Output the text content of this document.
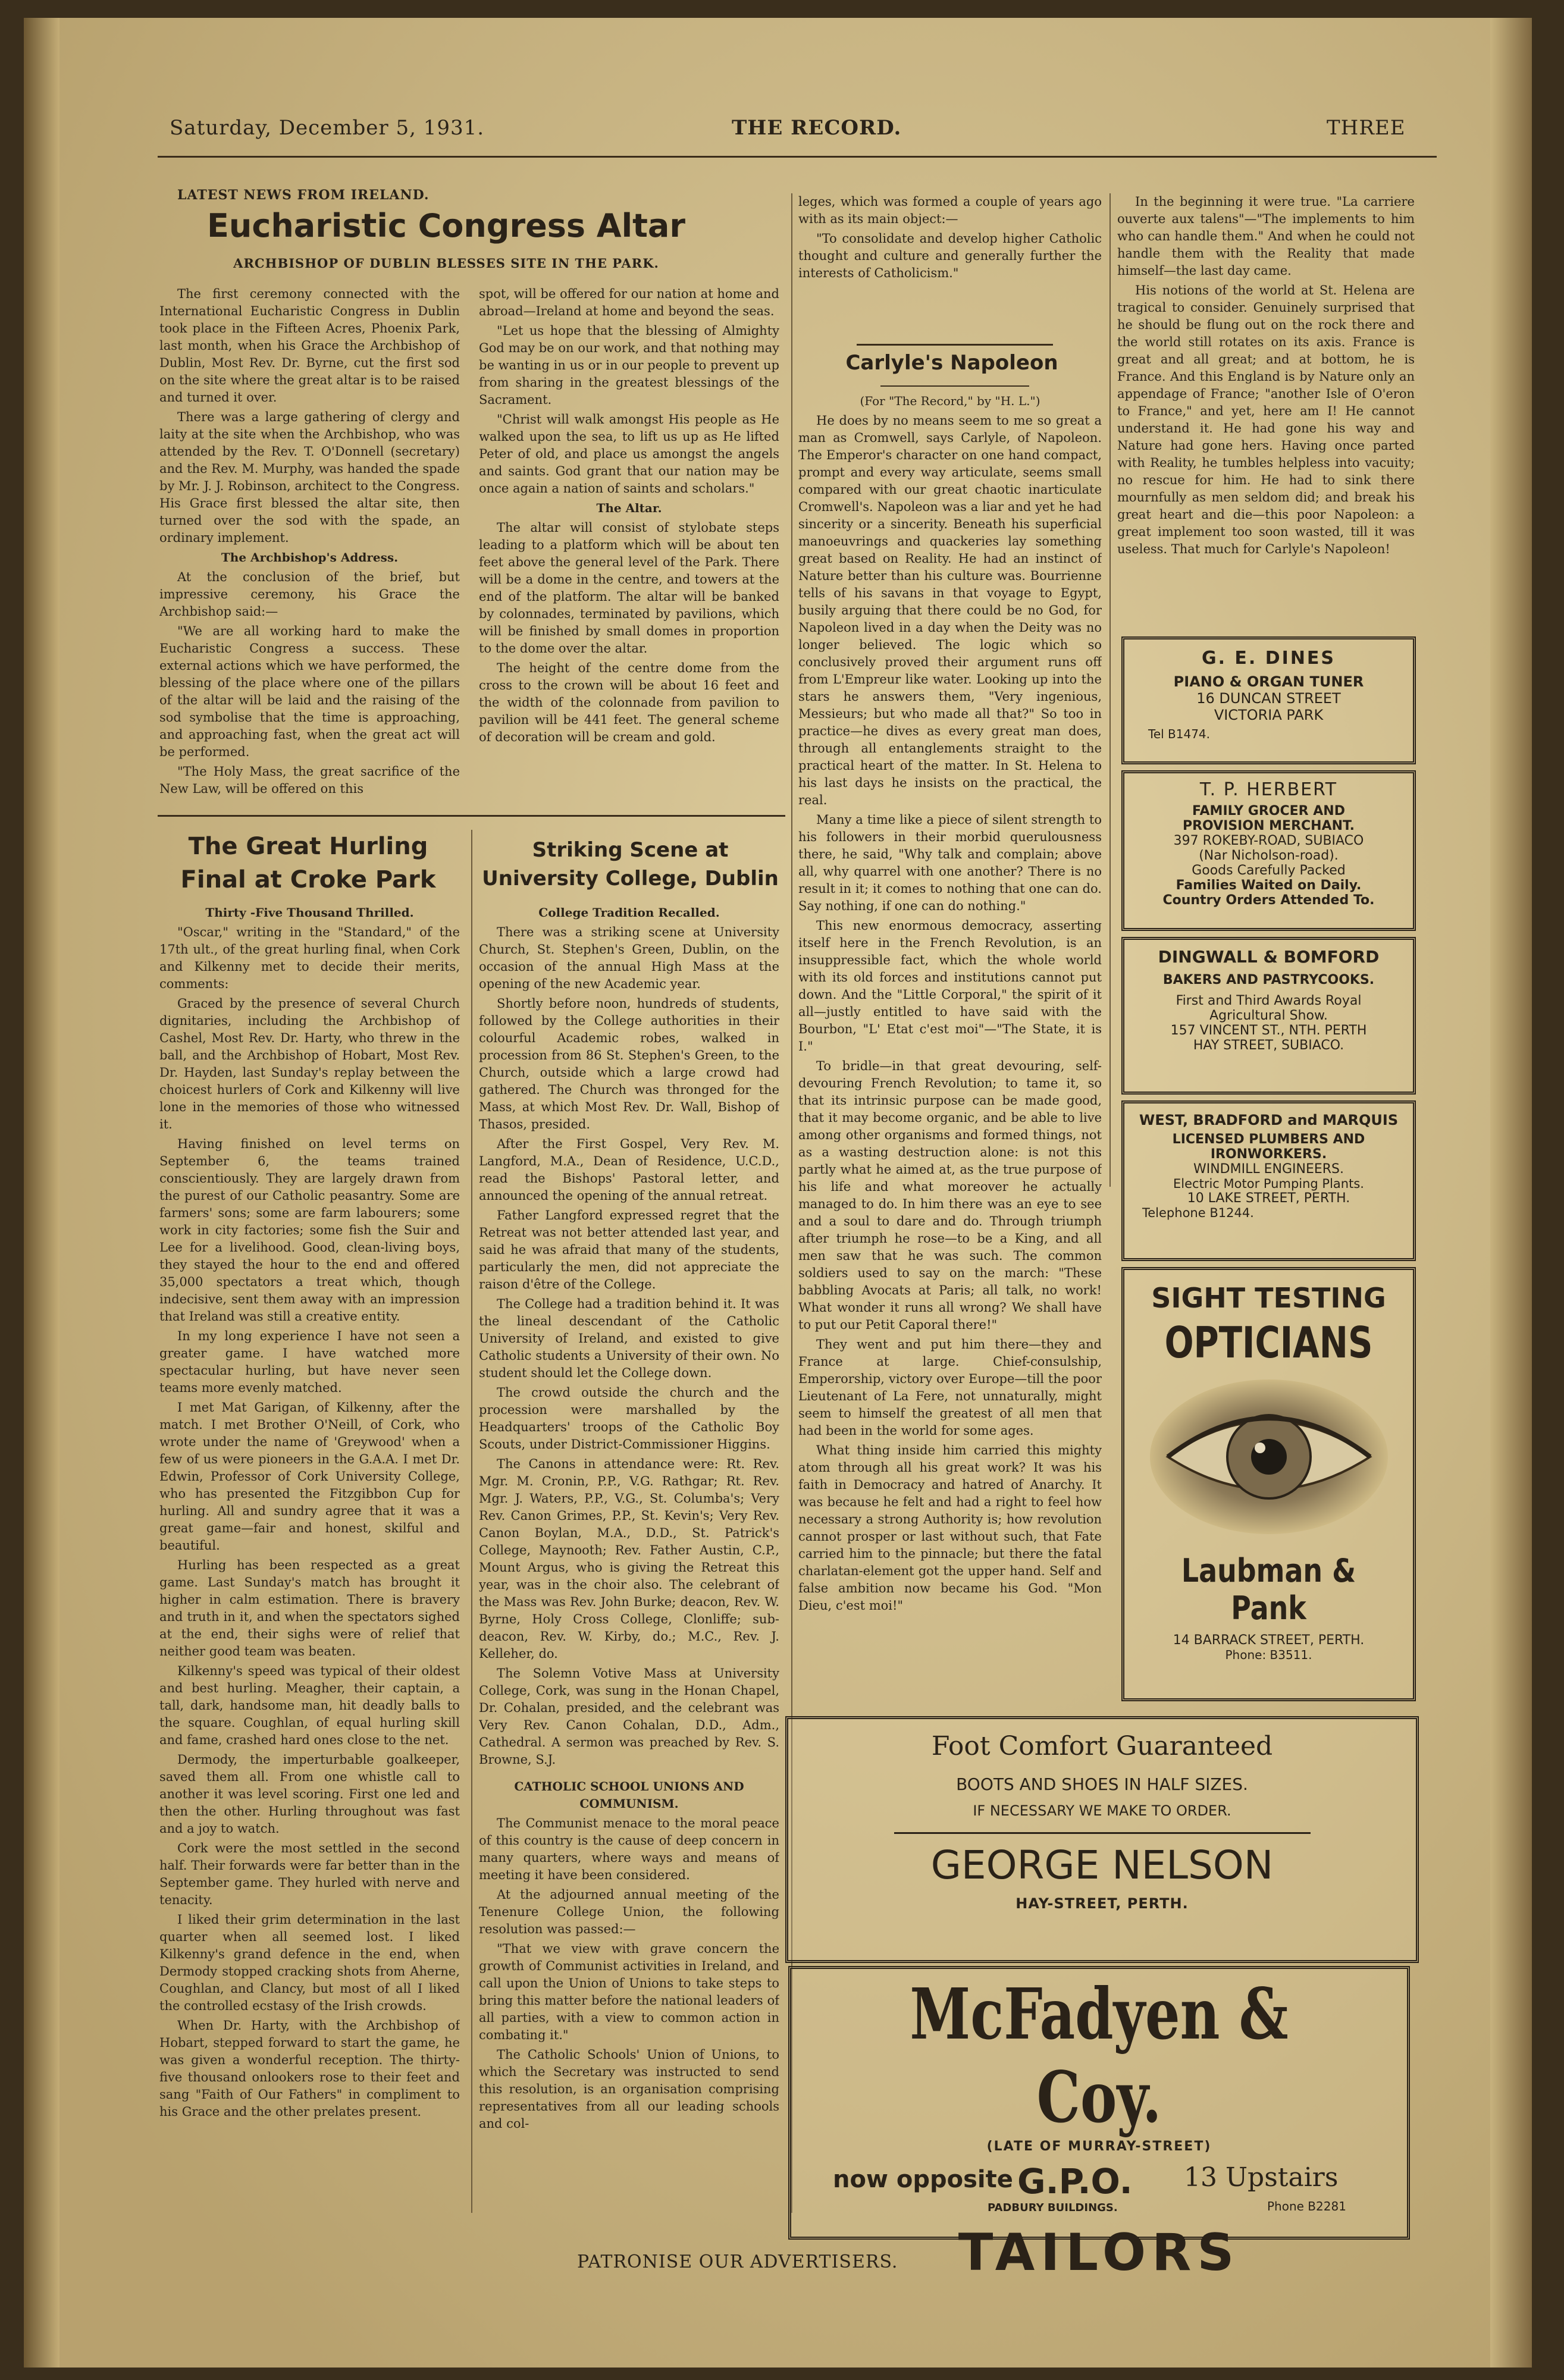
Saturday, December 5, 1931.	THE RECORD.	THREE
LATEST NEWS FROM IRELAND.
Eucharistic Congress Altar
ARCHBISHOP OF DUBLIN BLESSES SITE IN THE PARK.

The first ceremony connected with the International Eucharistic Congress in Dublin took place in the Fifteen Acres, Phoenix Park, last month, when his Grace the Archbishop of Dublin, Most Rev. Dr. Byrne, cut the first sod on the site where the great altar is to be raised and turned it over.

There was a large gathering of clergy and laity at the site when the Archbishop, who was attended by the Rev. T. O'Donnell (secretary) and the Rev. M. Murphy, was handed the spade by Mr. J. J. Robinson, architect to the Congress. His Grace first blessed the altar site, then turned over the sod with the spade, an ordinary implement.

The Archbishop's Address.

At the conclusion of the brief, but impressive ceremony, his Grace the Archbishop said:—

"We are all working hard to make the Eucharistic Congress a success. These external actions which we have performed, the blessing of the place where one of the pillars of the altar will be laid and the raising of the sod symbolise that the time is approaching, and approaching fast, when the great act will be performed.

"The Holy Mass, the great sacrifice of the New Law, will be offered on this

spot, will be offered for our nation at home and abroad—Ireland at home and beyond the seas.

"Let us hope that the blessing of Almighty God may be on our work, and that nothing may be wanting in us or in our people to prevent up from sharing in the greatest blessings of the Sacrament.

"Christ will walk amongst His people as He walked upon the sea, to lift us up as He lifted Peter of old, and place us amongst the angels and saints. God grant that our nation may be once again a nation of saints and scholars."

The Altar.

The altar will consist of stylobate steps leading to a platform which will be about ten feet above the general level of the Park. There will be a dome in the centre, and towers at the end of the platform. The altar will be banked by colonnades, terminated by pavilions, which will be finished by small domes in proportion to the dome over the altar.

The height of the centre dome from the cross to the crown will be about 16 feet and the width of the colonnade from pavilion to pavilion will be 441 feet. The general scheme of decoration will be cream and gold.

The Great Hurling Final at Croke Park

Thirty -Five Thousand Thrilled.

"Oscar," writing in the "Standard," of the 17th ult., of the great hurling final, when Cork and Kilkenny met to decide their merits, comments:

Graced by the presence of several Church dignitaries, including the Archbishop of Cashel, Most Rev. Dr. Harty, who threw in the ball, and the Archbishop of Hobart, Most Rev. Dr. Hayden, last Sunday's replay between the choicest hurlers of Cork and Kilkenny will live lone in the memories of those who witnessed it.

Having finished on level terms on September 6, the teams trained conscientiously. They are largely drawn from the purest of our Catholic peasantry. Some are farmers' sons; some are farm labourers; some work in city factories; some fish the Suir and Lee for a livelihood. Good, clean-living boys, they stayed the hour to the end and offered 35,000 spectators a treat which, though indecisive, sent them away with an impression that Ireland was still a creative entity.

In my long experience I have not seen a greater game. I have watched more spectacular hurling, but have never seen teams more evenly matched.

I met Mat Garigan, of Kilkenny, after the match. I met Brother O'Neill, of Cork, who wrote under the name of 'Greywood' when a few of us were pioneers in the G.A.A. I met Dr. Edwin, Professor of Cork University College, who has presented the Fitzgibbon Cup for hurling. All and sundry agree that it was a great game—fair and honest, skilful and beautiful.

Hurling has been respected as a great game. Last Sunday's match has brought it higher in calm estimation. There is bravery and truth in it, and when the spectators sighed at the end, their sighs were of relief that neither good team was beaten.

Kilkenny's speed was typical of their oldest and best hurling. Meagher, their captain, a tall, dark, handsome man, hit deadly balls to the square. Coughlan, of equal hurling skill and fame, crashed hard ones close to the net.

Dermody, the imperturbable goalkeeper, saved them all. From one whistle call to another it was level scoring. First one led and then the other. Hurling throughout was fast and a joy to watch.

Cork were the most settled in the second half. Their forwards were far better than in the September game. They hurled with nerve and tenacity.

I liked their grim determination in the last quarter when all seemed lost. I liked Kilkenny's grand defence in the end, when Dermody stopped cracking shots from Aherne, Coughlan, and Clancy, but most of all I liked the controlled ecstasy of the Irish crowds.

When Dr. Harty, with the Archbishop of Hobart, stepped forward to start the game, he was given a wonderful reception. The thirty-five thousand onlookers rose to their feet and sang "Faith of Our Fathers" in compliment to his Grace and the other prelates present.

Striking Scene at University College, Dublin

College Tradition Recalled.

There was a striking scene at University Church, St. Stephen's Green, Dublin, on the occasion of the annual High Mass at the opening of the new Academic year.

Shortly before noon, hundreds of students, followed by the College authorities in their colourful Academic robes, walked in procession from 86 St. Stephen's Green, to the Church, outside which a large crowd had gathered. The Church was thronged for the Mass, at which Most Rev. Dr. Wall, Bishop of Thasos, presided.

After the First Gospel, Very Rev. M. Langford, M.A., Dean of Residence, U.C.D., read the Bishops' Pastoral letter, and announced the opening of the annual retreat.

Father Langford expressed regret that the Retreat was not better attended last year, and said he was afraid that many of the students, particularly the men, did not appreciate the raison d'être of the College.

The College had a tradition behind it. It was the lineal descendant of the Catholic University of Ireland, and existed to give Catholic students a University of their own. No student should let the College down.

The crowd outside the church and the procession were marshalled by the Headquarters' troops of the Catholic Boy Scouts, under District-Commissioner Higgins.

The Canons in attendance were: Rt. Rev. Mgr. M. Cronin, P.P., V.G. Rathgar; Rt. Rev. Mgr. J. Waters, P.P., V.G., St. Columba's; Very Rev. Canon Grimes, P.P., St. Kevin's; Very Rev. Canon Boylan, M.A., D.D., St. Patrick's College, Maynooth; Rev. Father Austin, C.P., Mount Argus, who is giving the Retreat this year, was in the choir also. The celebrant of the Mass was Rev. John Burke; deacon, Rev. W. Byrne, Holy Cross College, Clonliffe; sub-deacon, Rev. W. Kirby, do.; M.C., Rev. J. Kelleher, do.

The Solemn Votive Mass at University College, Cork, was sung in the Honan Chapel, Dr. Cohalan, presided, and the celebrant was Very Rev. Canon Cohalan, D.D., Adm., Cathedral. A sermon was preached by Rev. S. Browne, S.J.

CATHOLIC SCHOOL UNIONS AND COMMUNISM.

The Communist menace to the moral peace of this country is the cause of deep concern in many quarters, where ways and means of meeting it have been considered.

At the adjourned annual meeting of the Tenenure College Union, the following resolution was passed:—

"That we view with grave concern the growth of Communist activities in Ireland, and call upon the Union of Unions to take steps to bring this matter before the national leaders of all parties, with a view to common action in combating it."

The Catholic Schools' Union of Unions, to which the Secretary was instructed to send this resolution, is an organisation comprising representatives from all our leading schools and col-

leges, which was formed a couple of years ago with as its main object:—

"To consolidate and develop higher Catholic thought and culture and generally further the interests of Catholicism."

Carlyle's Napoleon

(For "The Record," by "H. L.")

He does by no means seem to me so great a man as Cromwell, says Carlyle, of Napoleon. The Emperor's character on one hand compact, prompt and every way articulate, seems small compared with our great chaotic inarticulate Cromwell's. Napoleon was a liar and yet he had sincerity or a sincerity. Beneath his superficial manoeuvrings and quackeries lay something great based on Reality. He had an instinct of Nature better than his culture was. Bourrienne tells of his savans in that voyage to Egypt, busily arguing that there could be no God, for Napoleon lived in a day when the Deity was no longer believed. The logic which so conclusively proved their argument runs off from L'Empreur like water. Looking up into the stars he answers them, "Very ingenious, Messieurs; but who made all that?" So too in practice—he dives as every great man does, through all entanglements straight to the practical heart of the matter. In St. Helena to his last days he insists on the practical, the real.

Many a time like a piece of silent strength to his followers in their morbid querulousness there, he said, "Why talk and complain; above all, why quarrel with one another? There is no result in it; it comes to nothing that one can do. Say nothing, if one can do nothing."

This new enormous democracy, asserting itself here in the French Revolution, is an insuppressible fact, which the whole world with its old forces and institutions cannot put down. And the "Little Corporal," the spirit of it all—justly entitled to have said with the Bourbon, "L' Etat c'est moi"—"The State, it is I."

To bridle—in that great devouring, self-devouring French Revolution; to tame it, so that its intrinsic purpose can be made good, that it may become organic, and be able to live among other organisms and formed things, not as a wasting destruction alone: is not this partly what he aimed at, as the true purpose of his life and what moreover he actually managed to do. In him there was an eye to see and a soul to dare and do. Through triumph after triumph he rose—to be a King, and all men saw that he was such. The common soldiers used to say on the march: "These babbling Avocats at Paris; all talk, no work! What wonder it runs all wrong? We shall have to put our Petit Caporal there!"

They went and put him there—they and France at large. Chief-consulship, Emperorship, victory over Europe—till the poor Lieutenant of La Fere, not unnaturally, might seem to himself the greatest of all men that had been in the world for some ages.

What thing inside him carried this mighty atom through all his great work? It was his faith in Democracy and hatred of Anarchy. It was because he felt and had a right to feel how necessary a strong Authority is; how revolution cannot prosper or last without such, that Fate carried him to the pinnacle; but there the fatal charlatan-element got the upper hand. Self and false ambition now became his God. "Mon Dieu, c'est moi!"

In the beginning it were true. "La carriere ouverte aux talens"—"The implements to him who can handle them." And when he could not handle them with the Reality that made himself—the last day came.

His notions of the world at St. Helena are tragical to consider. Genuinely surprised that he should be flung out on the rock there and the world still rotates on its axis. France is great and all great; and at bottom, he is France. And this England is by Nature only an appendage of France; "another Isle of O'eron to France," and yet, here am I! He cannot understand it. He had gone his way and Nature had gone hers. Having once parted with Reality, he tumbles helpless into vacuity; no rescue for him. He had to sink there mournfully as men seldom did; and break his great heart and die—this poor Napoleon: a great implement too soon wasted, till it was useless. That much for Carlyle's Napoleon!

G. E. DINES
PIANO & ORGAN TUNER
16 DUNCAN STREET
VICTORIA PARK
Tel B1474.
T. P. HERBERT
FAMILY GROCER AND
PROVISION MERCHANT.
397 ROKEBY-ROAD, SUBIACO
(Nar Nicholson-road).
Goods Carefully Packed
Families Waited on Daily.
Country Orders Attended To.
DINGWALL & BOMFORD
BAKERS AND PASTRYCOOKS.
First and Third Awards Royal
Agricultural Show.
157 VINCENT ST., NTH. PERTH
HAY STREET, SUBIACO.
WEST, BRADFORD and MARQUIS
LICENSED PLUMBERS AND
IRONWORKERS.
WINDMILL ENGINEERS.
Electric Motor Pumping Plants.
10 LAKE STREET, PERTH.
Telephone B1244.
SIGHT TESTING
OPTICIANS
Laubman & Pank
14 BARRACK STREET, PERTH.
Phone: B3511.
Foot Comfort Guaranteed
BOOTS AND SHOES IN HALF SIZES.
IF NECESSARY WE MAKE TO ORDER.
GEORGE NELSON
HAY-STREET, PERTH.
McFadyen & Coy.
(LATE OF MURRAY-STREET)
now opposite G.P.O.
PADBURY BUILDINGS.
13 Upstairs
Phone B2281
TAILORS
PATRONISE OUR ADVERTISERS.
